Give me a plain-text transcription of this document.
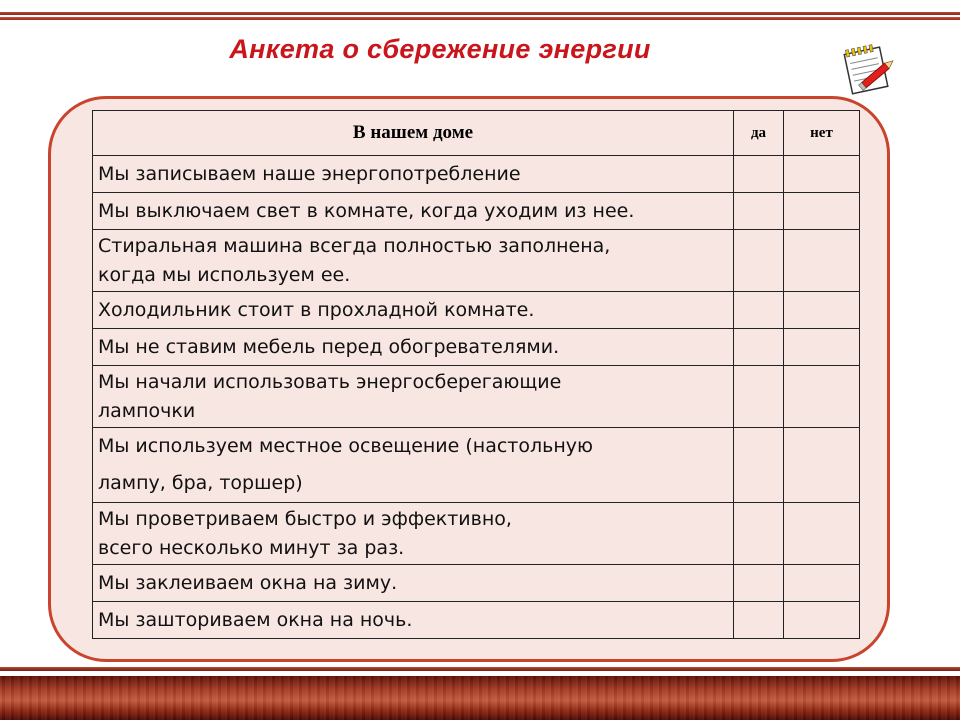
Анкета о сбережение энергии
В нашем доме	да	нет

Мы записываем наше энергопотребление		

Мы выключаем свет в комнате, когда уходим из нее.		

Стиральная машина всегда полностью заполнена,
когда мы используем ее.		

Холодильник стоит в прохладной комнате.		

Мы не ставим мебель перед обогревателями.		

Мы начали использовать энергосберегающие
лампочки		

Мы используем местное освещение (настольную
лампу, бра, торшер)		

Мы проветриваем быстро и эффективно,
всего несколько минут за раз.		

Мы заклеиваем окна на зиму.		

Мы зашториваем окна на ночь.		
